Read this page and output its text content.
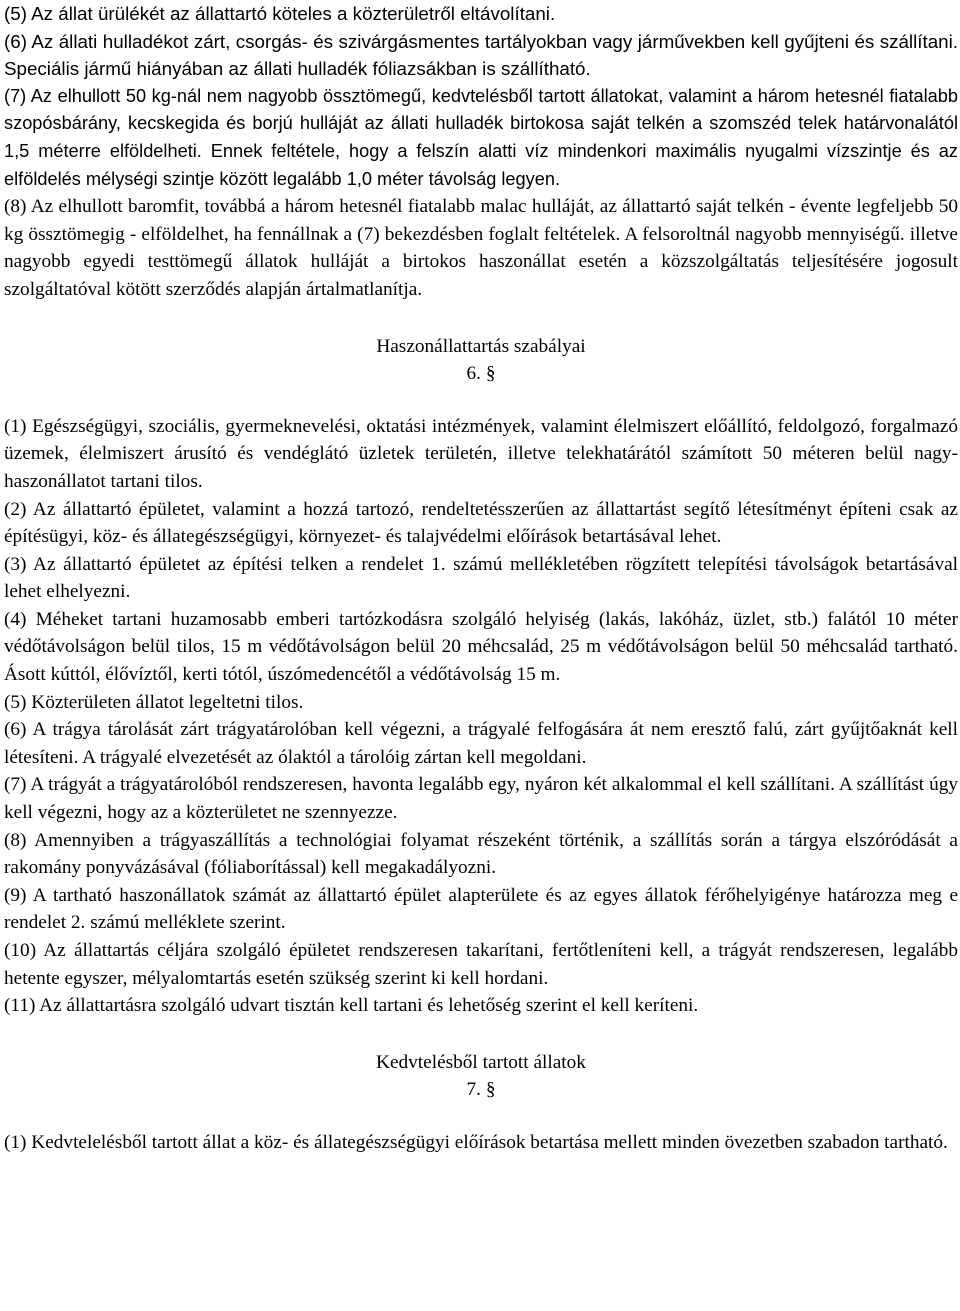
(5) Az állat ürülékét az állattartó köteles a közterületről eltávolítani.

(6) Az állati hulladékot zárt, csorgás- és szivárgásmentes tartályokban vagy járművekben kell gyűjteni és szállítani. Speciális jármű hiányában az állati hulladék fóliazsákban is szállítható.

(7) Az elhullott 50 kg-nál nem nagyobb össztömegű, kedvtelésből tartott állatokat, valamint a három hetesnél fiatalabb szopósbárány, kecskegida és borjú hulláját az állati hulladék birtokosa saját telkén a szomszéd telek határvonalától 1,5 méterre elföldelheti. Ennek feltétele, hogy a felszín alatti víz mindenkori maximális nyugalmi vízszintje és az elföldelés mélységi szintje között legalább 1,0 méter távolság legyen.

(8) Az elhullott baromfit, továbbá a három hetesnél fiatalabb malac hulláját, az állattartó saját telkén - évente legfeljebb 50 kg össztömegig - elföldelhet, ha fennállnak a (7) bekezdésben foglalt feltételek. A felsoroltnál nagyobb mennyiségű. illetve nagyobb egyedi testtömegű állatok hulláját a birtokos haszonállat esetén a közszolgáltatás teljesítésére jogosult szolgáltatóval kötött szerződés alapján ártalmatlanítja.

Haszonállattartás szabályai

6. §

(1) Egészségügyi, szociális, gyermeknevelési, oktatási intézmények, valamint élelmiszert előállító, feldolgozó, forgalmazó üzemek, élelmiszert árusító és vendéglátó üzletek területén, illetve telekhatárától számított 50 méteren belül nagy-haszonállatot tartani tilos.

(2) Az állattartó épületet, valamint a hozzá tartozó, rendeltetésszerűen az állattartást segítő létesítményt építeni csak az építésügyi, köz- és állategészségügyi, környezet- és talajvédelmi előírások betartásával lehet.

(3) Az állattartó épületet az építési telken a rendelet 1. számú mellékletében rögzített telepítési távolságok betartásával lehet elhelyezni.

(4) Méheket tartani huzamosabb emberi tartózkodásra szolgáló helyiség (lakás, lakóház, üzlet, stb.) falától 10 méter védőtávolságon belül tilos, 15 m védőtávolságon belül 20 méhcsalád, 25 m védőtávolságon belül 50 méhcsalád tartható. Ásott kúttól, élővíztől, kerti tótól, úszómedencétől a védőtávolság 15 m.

(5) Közterületen állatot legeltetni tilos.

(6) A trágya tárolását zárt trágyatárolóban kell végezni, a trágyalé felfogására át nem eresztő falú, zárt gyűjtőaknát kell létesíteni. A trágyalé elvezetését az ólaktól a tárolóig zártan kell megoldani.

(7) A trágyát a trágyatárolóból rendszeresen, havonta legalább egy, nyáron két alkalommal el kell szállítani. A szállítást úgy kell végezni, hogy az a közterületet ne szennyezze.

(8) Amennyiben a trágyaszállítás a technológiai folyamat részeként történik, a szállítás során a tárgya elszóródását a rakomány ponyvázásával (fóliaborítással) kell megakadályozni.

(9) A tartható haszonállatok számát az állattartó épület alapterülete és az egyes állatok férőhelyigénye határozza meg e rendelet 2. számú melléklete szerint.

(10) Az állattartás céljára szolgáló épületet rendszeresen takarítani, fertőtleníteni kell, a trágyát rendszeresen, legalább hetente egyszer, mélyalomtartás esetén szükség szerint ki kell hordani.

(11) Az állattartásra szolgáló udvart tisztán kell tartani és lehetőség szerint el kell keríteni.

Kedvtelésből tartott állatok

7. §

(1) Kedvtelelésből tartott állat a köz- és állategészségügyi előírások betartása mellett minden övezetben szabadon tartható.
